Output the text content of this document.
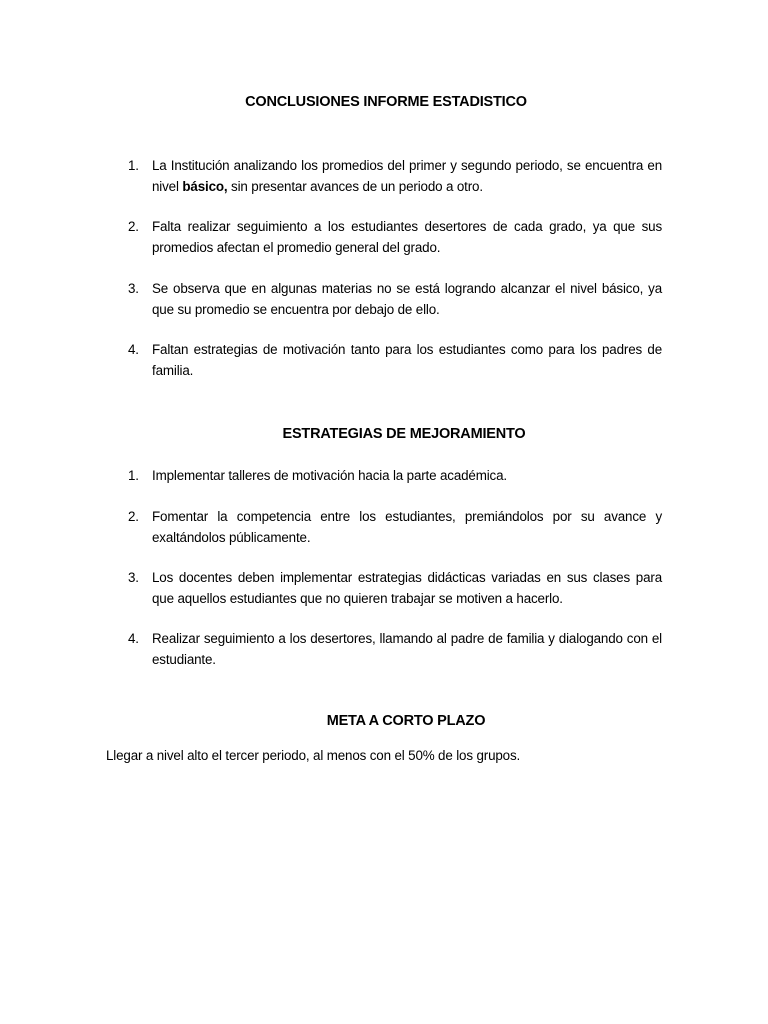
CONCLUSIONES INFORME ESTADISTICO
1. La Institución analizando los promedios del primer y segundo periodo, se encuentra en nivel básico, sin presentar avances de un periodo a otro.
2. Falta realizar seguimiento a los estudiantes desertores de cada grado, ya que sus promedios afectan el promedio general del grado.
3. Se observa que en algunas materias no se está logrando alcanzar el nivel básico, ya que su promedio se encuentra por debajo de ello.
4. Faltan estrategias de motivación tanto para los estudiantes como para los padres de familia.
ESTRATEGIAS DE MEJORAMIENTO
1. Implementar talleres de motivación hacia la parte académica.
2. Fomentar la competencia entre los estudiantes, premiándolos por su avance y exaltándolos públicamente.
3. Los docentes deben implementar estrategias didácticas variadas en sus clases para que aquellos estudiantes que no quieren trabajar se motiven a hacerlo.
4. Realizar seguimiento a los desertores, llamando al padre de familia y dialogando con el estudiante.
META A CORTO PLAZO
Llegar a nivel alto el tercer periodo, al menos con el 50% de los grupos.
